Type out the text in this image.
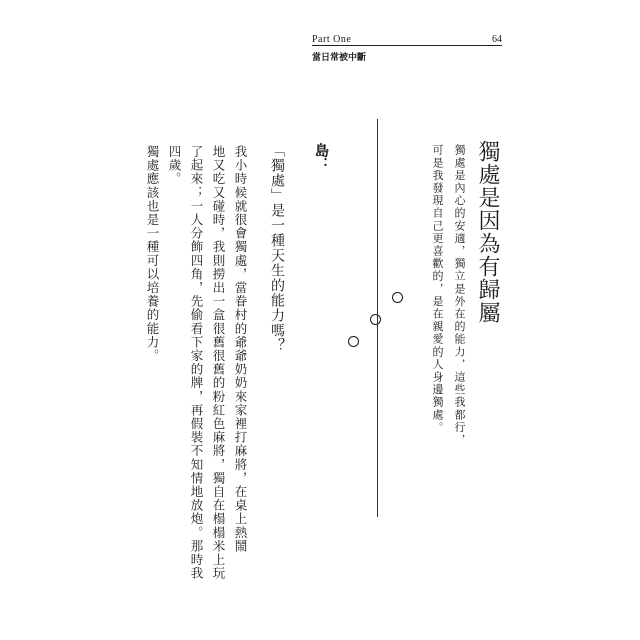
Part One	64
當日常被中斷
獨處是因為有歸屬
獨處是內心的安適，獨立是外在的能力，這些我都行，
可是我發現自己更喜歡的，是在親愛的人身邊獨處。
島：
「獨處」是一種天生的能力嗎？
我小時候就很會獨處，當眷村的爺爺奶奶來家裡打麻將，在桌上熱鬧
地又吃又碰時，我則撈出一盒很舊很舊的粉紅色麻將，獨自在榻榻米上玩
了起來；一人分飾四角，先偷看下家的牌，再假裝不知情地放炮。那時我
四歲。
獨處應該也是一種可以培養的能力。
